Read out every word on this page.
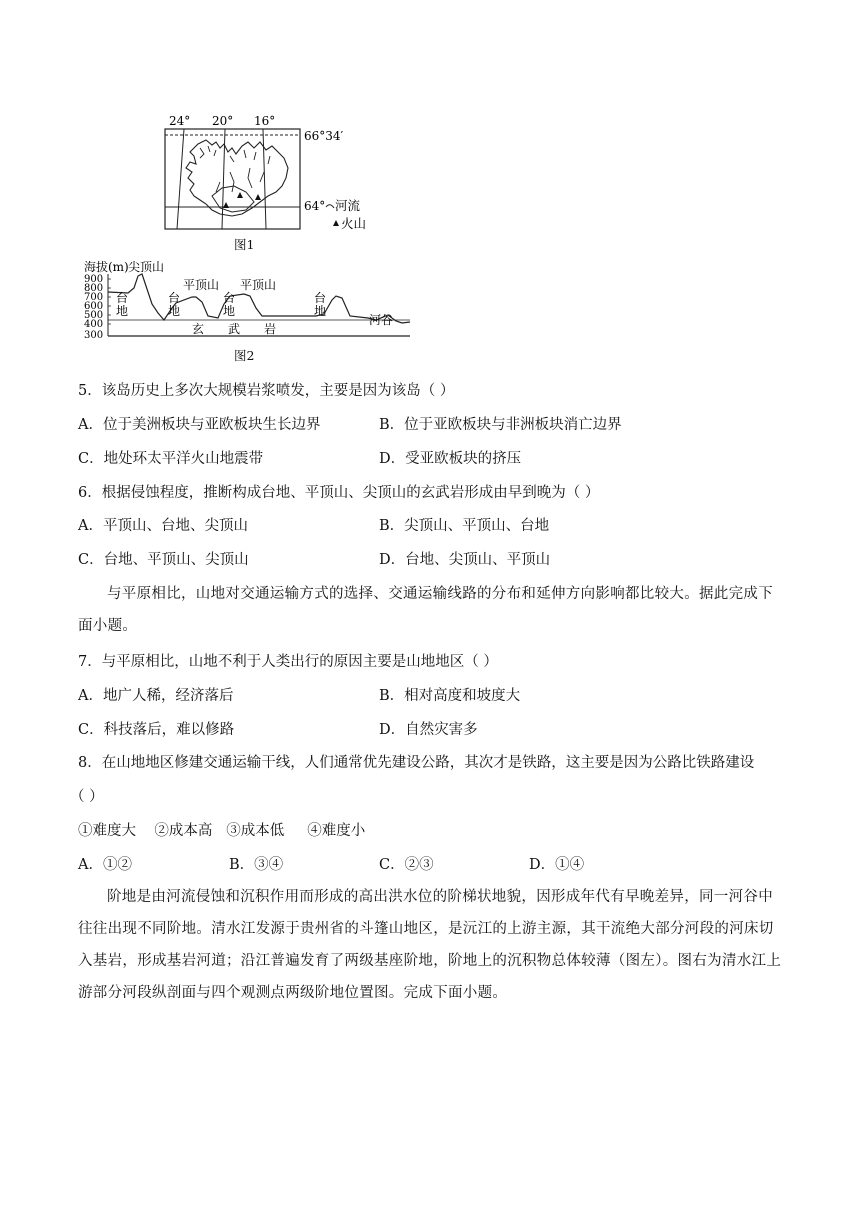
24° 20° 16°
66°34′
64° 河流
火山
图1
海拔(m) 尖顶山
900
800
700
600
500
400
300
台
地
平顶山
台
地
台
地
平顶山
台
地
玄 武 岩
河谷
图2
5．该岛历史上多次大规模岩浆喷发，主要是因为该岛（ ）
A．位于美洲板块与亚欧板块生长边界	B．位于亚欧板块与非洲板块消亡边界
C．地处环太平洋火山地震带	D．受亚欧板块的挤压
6．根据侵蚀程度，推断构成台地、平顶山、尖顶山的玄武岩形成由早到晚为（ ）
A．平顶山、台地、尖顶山	B．尖顶山、平顶山、台地
C．台地、平顶山、尖顶山	D．台地、尖顶山、平顶山
与平原相比，山地对交通运输方式的选择、交通运输线路的分布和延伸方向影响都比较大。据此完成下面小题。
7．与平原相比，山地不利于人类出行的原因主要是山地地区（ ）
A．地广人稀，经济落后	B．相对高度和坡度大
C．科技落后，难以修路	D．自然灾害多
8．在山地地区修建交通运输干线，人们通常优先建设公路，其次才是铁路，这主要是因为公路比铁路建设
（ ）
①难度大    ②成本高   ③成本低     ④难度小
A．①②	B．③④	C．②③	D．①④
阶地是由河流侵蚀和沉积作用而形成的高出洪水位的阶梯状地貌，因形成年代有早晚差异，同一河谷中往往出现不同阶地。清水江发源于贵州省的斗篷山地区，是沅江的上游主源，其干流绝大部分河段的河床切入基岩，形成基岩河道；沿江普遍发育了两级基座阶地，阶地上的沉积物总体较薄（图左）。图右为清水江上游部分河段纵剖面与四个观测点两级阶地位置图。完成下面小题。
